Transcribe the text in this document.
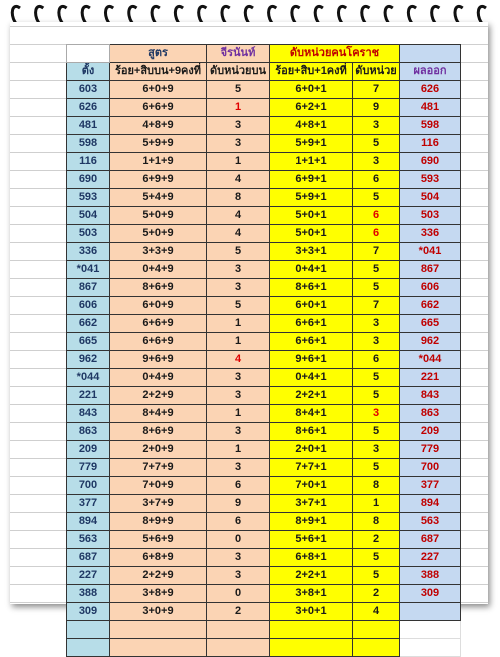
	สูตร	จีรนันท์	ดับหน่วยคนโคราช		
ตั้ง	ร้อย+สิบบน+9คงที่	ดับหน่วยบน	ร้อย+สิบ+1คงที่	ดับหน่วย	ผลออก
603	6+0+9	5	6+0+1	7	626
626	6+6+9	1	6+2+1	9	481
481	4+8+9	3	4+8+1	3	598
598	5+9+9	3	5+9+1	5	116
116	1+1+9	1	1+1+1	3	690
690	6+9+9	4	6+9+1	6	593
593	5+4+9	8	5+9+1	5	504
504	5+0+9	4	5+0+1	6	503
503	5+0+9	4	5+0+1	6	336
336	3+3+9	5	3+3+1	7	*041
*041	0+4+9	3	0+4+1	5	867
867	8+6+9	3	8+6+1	5	606
606	6+0+9	5	6+0+1	7	662
662	6+6+9	1	6+6+1	3	665
665	6+6+9	1	6+6+1	3	962
962	9+6+9	4	9+6+1	6	*044
*044	0+4+9	3	0+4+1	5	221
221	2+2+9	3	2+2+1	5	843
843	8+4+9	1	8+4+1	3	863
863	8+6+9	3	8+6+1	5	209
209	2+0+9	1	2+0+1	3	779
779	7+7+9	3	7+7+1	5	700
700	7+0+9	6	7+0+1	8	377
377	3+7+9	9	3+7+1	1	894
894	8+9+9	6	8+9+1	8	563
563	5+6+9	0	5+6+1	2	687
687	6+8+9	3	6+8+1	5	227
227	2+2+9	3	2+2+1	5	388
388	3+8+9	0	3+8+1	2	309
309	3+0+9	2	3+0+1	4	
